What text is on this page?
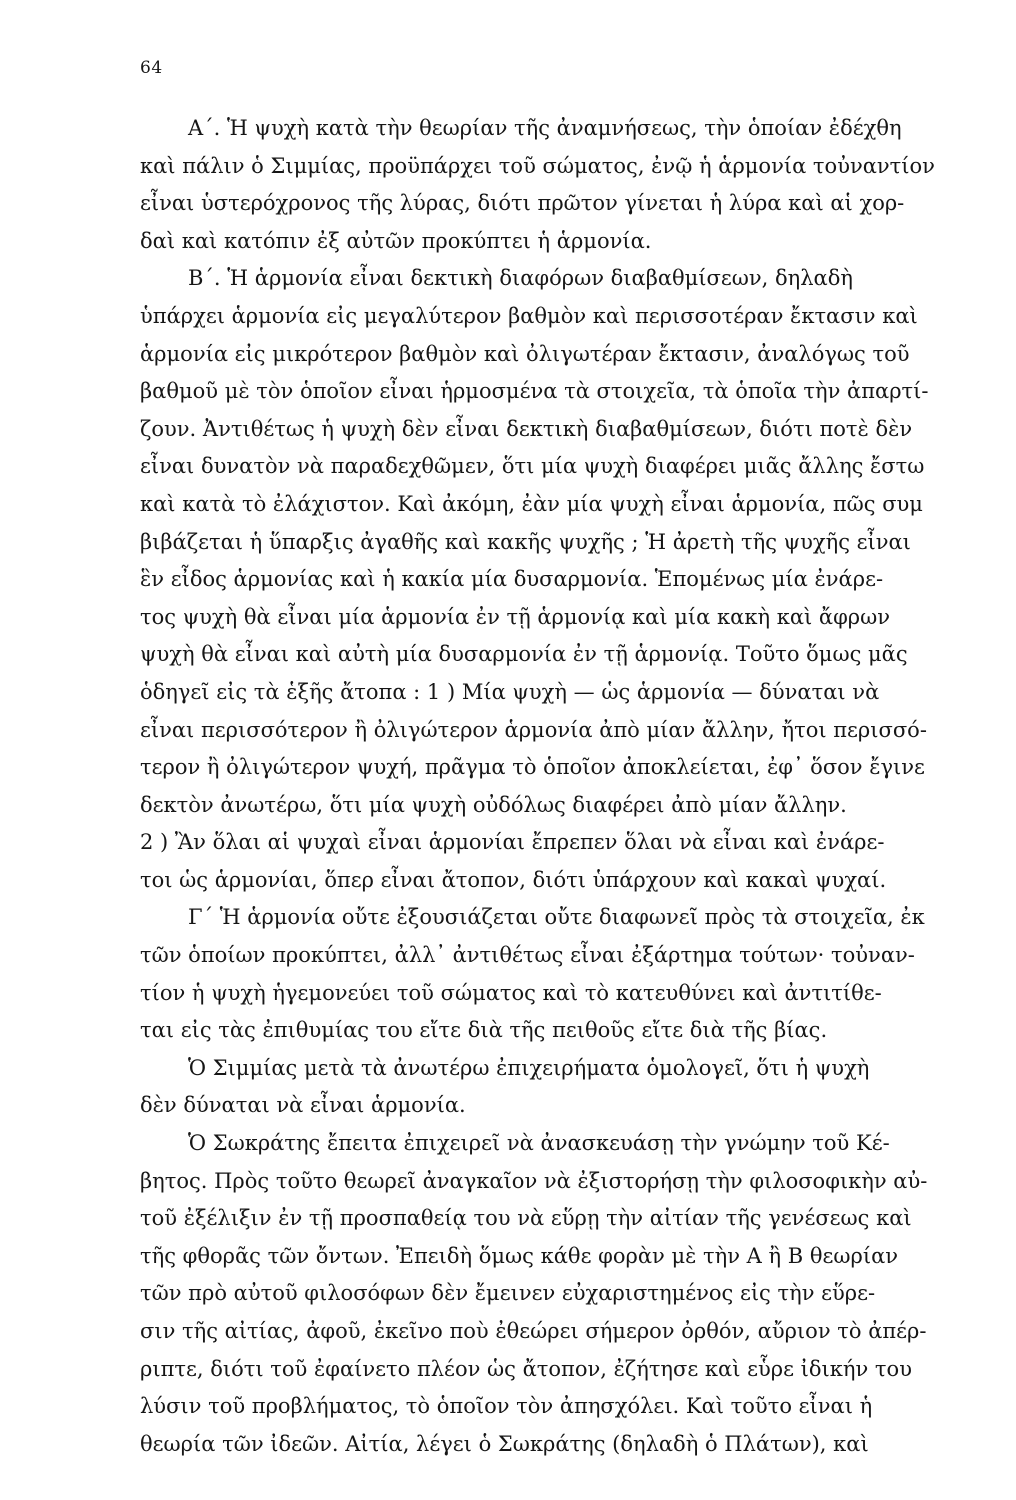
64
Α΄. Ἡ ψυχὴ κατὰ τὴν θεωρίαν τῆς ἀναμνήσεως, τὴν ὁποίαν ἐδέχθη
καὶ πάλιν ὁ Σιμμίας, προϋπάρχει τοῦ σώματος, ἐνῷ ἡ ἁρμονία τοὐναντίον
εἶναι ὑστερόχρονος τῆς λύρας, διότι πρῶτον γίνεται ἡ λύρα καὶ αἱ χορ-
δαὶ καὶ κατόπιν ἐξ αὐτῶν προκύπτει ἡ ἁρμονία.
Β΄. Ἡ ἁρμονία εἶναι δεκτικὴ διαφόρων διαβαθμίσεων, δηλαδὴ
ὑπάρχει ἁρμονία εἰς μεγαλύτερον βαθμὸν καὶ περισσοτέραν ἔκτασιν καὶ
ἁρμονία εἰς μικρότερον βαθμὸν καὶ ὀλιγωτέραν ἔκτασιν, ἀναλόγως τοῦ
βαθμοῦ μὲ τὸν ὁποῖον εἶναι ἡρμοσμένα τὰ στοιχεῖα, τὰ ὁποῖα τὴν ἀπαρτί-
ζουν. Ἀντιθέτως ἡ ψυχὴ δὲν εἶναι δεκτικὴ διαβαθμίσεων, διότι ποτὲ δὲν
εἶναι δυνατὸν νὰ παραδεχθῶμεν, ὅτι μία ψυχὴ διαφέρει μιᾶς ἄλλης ἔστω
καὶ κατὰ τὸ ἐλάχιστον. Καὶ ἀκόμη, ἐὰν μία ψυχὴ εἶναι ἁρμονία, πῶς συμ
βιβάζεται ἡ ὕπαρξις ἀγαθῆς καὶ κακῆς ψυχῆς ; Ἡ ἀρετὴ τῆς ψυχῆς εἶναι
ἓν εἶδος ἁρμονίας καὶ ἡ κακία μία δυσαρμονία. Ἑπομένως μία ἐνάρε-
τος ψυχὴ θὰ εἶναι μία ἁρμονία ἐν τῇ ἁρμονίᾳ καὶ μία κακὴ καὶ ἄφρων
ψυχὴ θὰ εἶναι καὶ αὐτὴ μία δυσαρμονία ἐν τῇ ἁρμονίᾳ. Τοῦτο ὅμως μᾶς
ὁδηγεῖ εἰς τὰ ἑξῆς ἄτοπα : 1 ) Μία ψυχὴ — ὡς ἁρμονία — δύναται νὰ
εἶναι περισσότερον ἢ ὀλιγώτερον ἁρμονία ἀπὸ μίαν ἄλλην, ἤτοι περισσό-
τερον ἢ ὀλιγώτερον ψυχή, πρᾶγμα τὸ ὁποῖον ἀποκλείεται, ἐφ᾽ ὅσον ἔγινε
δεκτὸν ἀνωτέρω, ὅτι μία ψυχὴ οὐδόλως διαφέρει ἀπὸ μίαν ἄλλην.
2 ) Ἂν ὅλαι αἱ ψυχαὶ εἶναι ἁρμονίαι ἔπρεπεν ὅλαι νὰ εἶναι καὶ ἐνάρε-
τοι ὡς ἁρμονίαι, ὅπερ εἶναι ἄτοπον, διότι ὑπάρχουν καὶ κακαὶ ψυχαί.
Γ΄ Ἡ ἁρμονία οὔτε ἐξουσιάζεται οὔτε διαφωνεῖ πρὸς τὰ στοιχεῖα, ἐκ
τῶν ὁποίων προκύπτει, ἀλλ᾽ ἀντιθέτως εἶναι ἐξάρτημα τούτων· τοὐναν-
τίον ἡ ψυχὴ ἡγεμονεύει τοῦ σώματος καὶ τὸ κατευθύνει καὶ ἀντιτίθε-
ται εἰς τὰς ἐπιθυμίας του εἴτε διὰ τῆς πειθοῦς εἴτε διὰ τῆς βίας.
Ὁ Σιμμίας μετὰ τὰ ἀνωτέρω ἐπιχειρήματα ὁμολογεῖ, ὅτι ἡ ψυχὴ
δὲν δύναται νὰ εἶναι ἁρμονία.
Ὁ Σωκράτης ἔπειτα ἐπιχειρεῖ νὰ ἀνασκευάσῃ τὴν γνώμην τοῦ Κέ-
βητος. Πρὸς τοῦτο θεωρεῖ ἀναγκαῖον νὰ ἐξιστορήσῃ τὴν φιλοσοφικὴν αὐ-
τοῦ ἐξέλιξιν ἐν τῇ προσπαθείᾳ του νὰ εὕρῃ τὴν αἰτίαν τῆς γενέσεως καὶ
τῆς φθορᾶς τῶν ὄντων. Ἐπειδὴ ὅμως κάθε φορὰν μὲ τὴν Α ἢ Β θεωρίαν
τῶν πρὸ αὐτοῦ φιλοσόφων δὲν ἔμεινεν εὐχαριστημένος εἰς τὴν εὕρε-
σιν τῆς αἰτίας, ἀφοῦ, ἐκεῖνο ποὺ ἐθεώρει σήμερον ὀρθόν, αὔριον τὸ ἀπέρ-
ριπτε, διότι τοῦ ἐφαίνετο πλέον ὡς ἄτοπον, ἐζήτησε καὶ εὗρε ἰδικήν του
λύσιν τοῦ προβλήματος, τὸ ὁποῖον τὸν ἀπησχόλει. Καὶ τοῦτο εἶναι ἡ
θεωρία τῶν ἰδεῶν. Αἰτία, λέγει ὁ Σωκράτης (δηλαδὴ ὁ Πλάτων), καὶ
